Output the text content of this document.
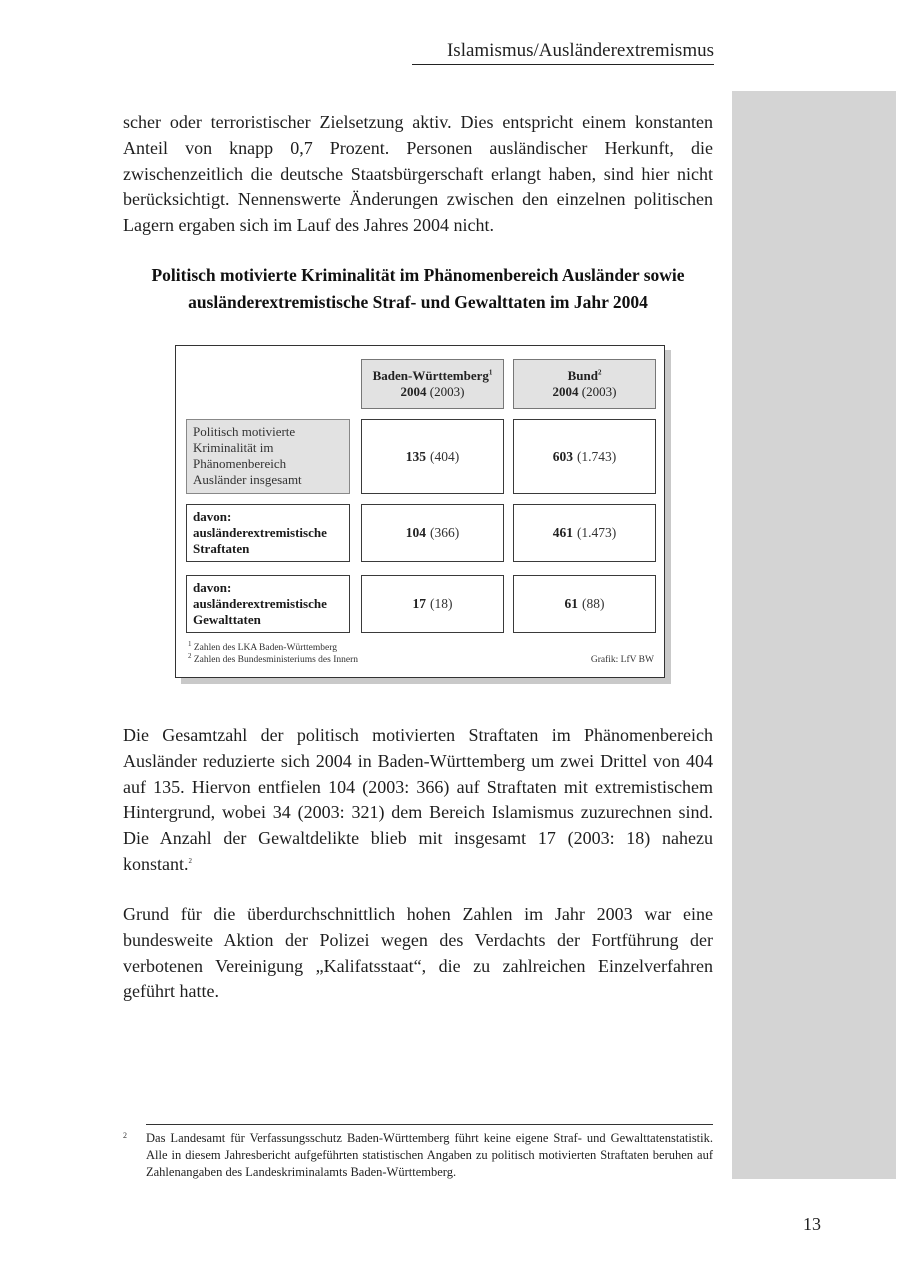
Islamismus/Ausländerextremismus

scher oder terroristischer Zielsetzung aktiv. Dies entspricht einem konstanten Anteil von knapp 0,7 Prozent. Personen ausländischer Herkunft, die zwischenzeitlich die deutsche Staatsbürgerschaft erlangt haben, sind hier nicht berücksichtigt. Nennenswerte Änderungen zwischen den einzelnen politischen Lagern ergaben sich im Lauf des Jahres 2004 nicht.

Politisch motivierte Kriminalität im Phänomenbereich Ausländer sowie
ausländerextremistische Straf- und Gewalttaten im Jahr 2004
Baden-Württemberg$^1$
2004 (2003)
Bund$^2$
2004 (2003)
Politisch motivierte
Kriminalität im
Phänomenbereich
Ausländer insgesamt
135 (404)	603 (1.743)
davon:
ausländerextremistische
Straftaten
104 (366)	461 (1.473)
davon:
ausländerextremistische
Gewalttaten
17 (18)	61 (88)
$^1$ Zahlen des LKA Baden-Württemberg
$^2$ Zahlen des Bundesministeriums des Innern	Grafik: LfV BW

Die Gesamtzahl der politisch motivierten Straftaten im Phänomenbereich Ausländer reduzierte sich 2004 in Baden-Württemberg um zwei Drittel von 404 auf 135. Hiervon entfielen 104 (2003: 366) auf Straftaten mit extremistischem Hintergrund, wobei 34 (2003: 321) dem Bereich Islamismus zuzurechnen sind. Die Anzahl der Gewaltdelikte blieb mit insgesamt 17 (2003: 18) nahezu konstant.$^2$

Grund für die überdurchschnittlich hohen Zahlen im Jahr 2003 war eine bundesweite Aktion der Polizei wegen des Verdachts der Fortführung der verbotenen Vereinigung „Kalifatsstaat“, die zu zahlreichen Einzelverfahren geführt hatte.

2 Das Landesamt für Verfassungsschutz Baden-Württemberg führt keine eigene Straf- und Gewalttatenstatistik. Alle in diesem Jahresbericht aufgeführten statistischen Angaben zu politisch motivierten Straftaten beruhen auf Zahlenangaben des Landeskriminalamts Baden-Württemberg.

13
